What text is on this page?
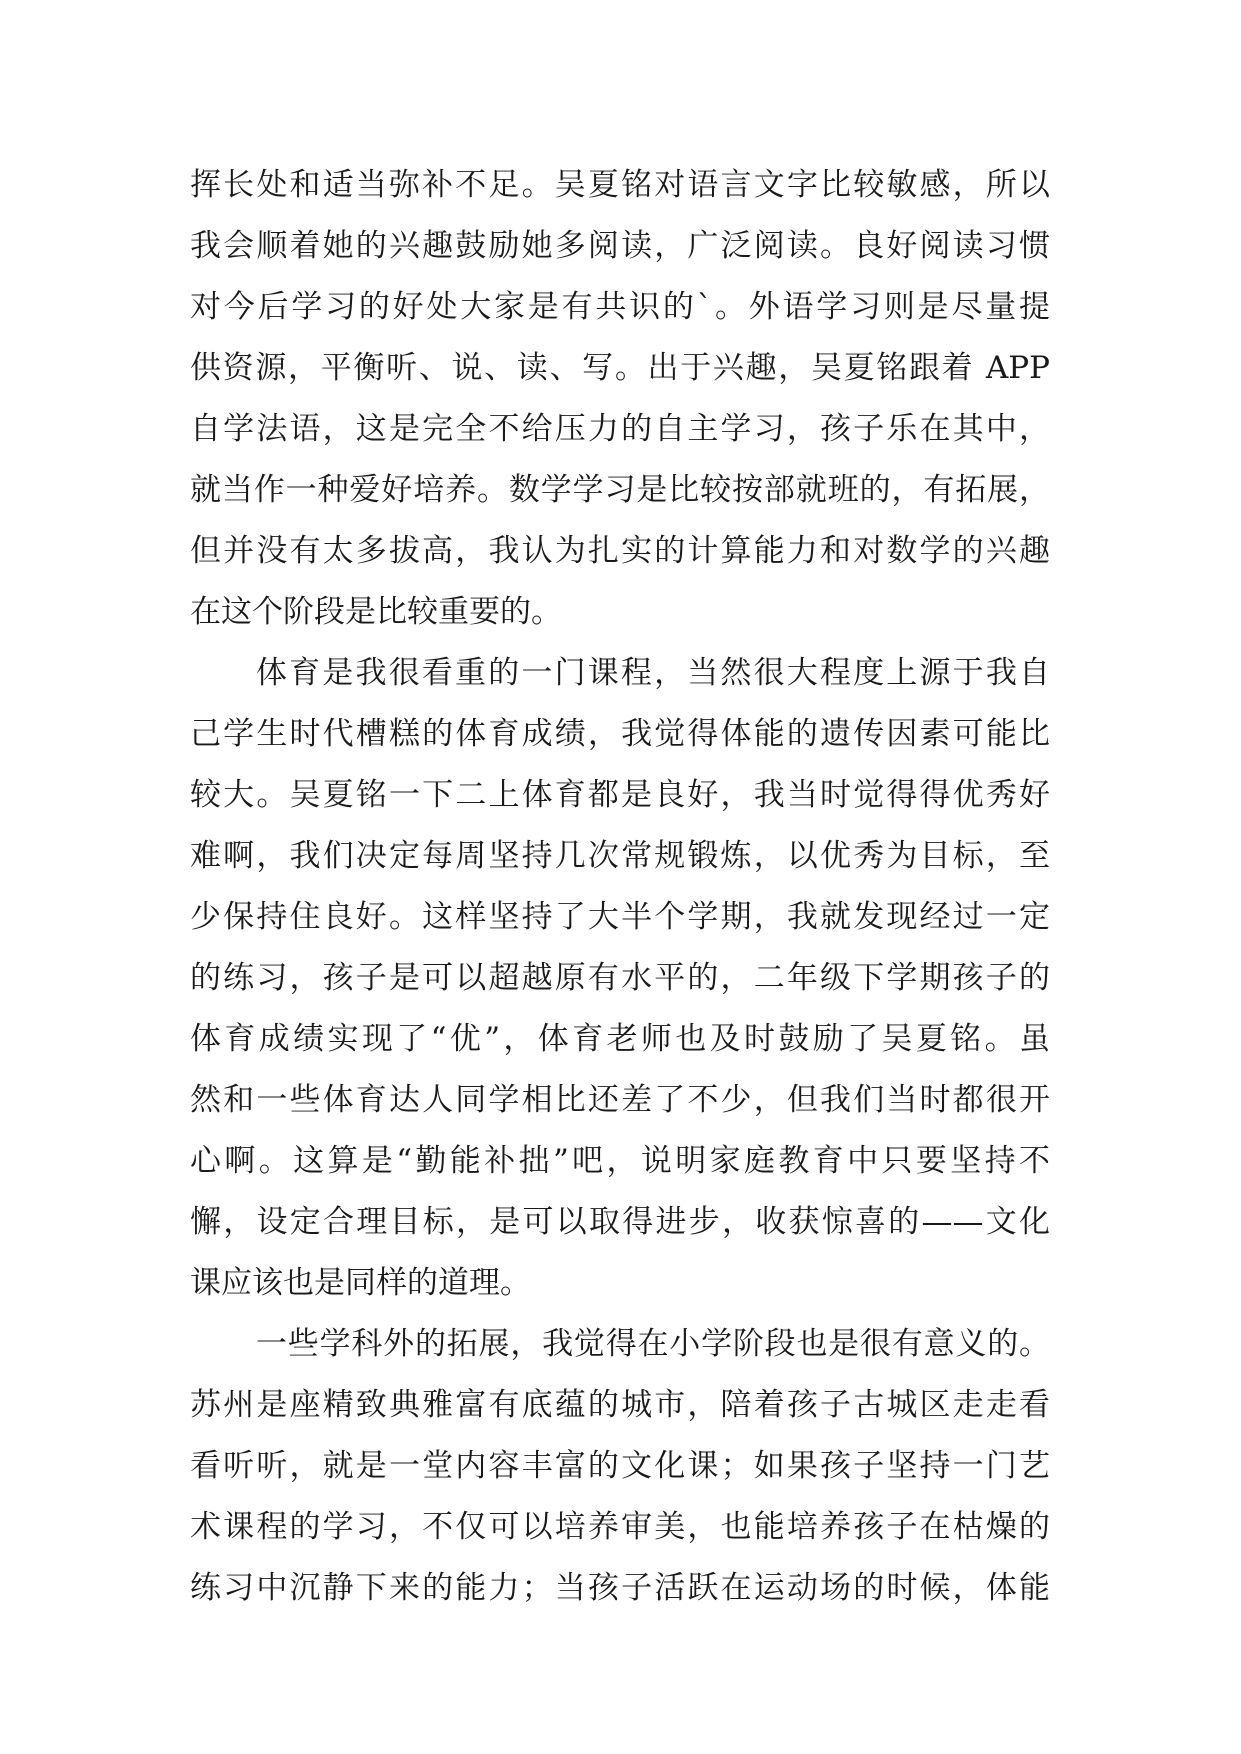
挥长处和适当弥补不足。吴夏铭对语言文字比较敏感，所以
我会顺着她的兴趣鼓励她多阅读，广泛阅读。良好阅读习惯
对今后学习的好处大家是有共识的`。外语学习则是尽量提
供资源，平衡听、说、读、写。出于兴趣，吴夏铭跟着 APP
自学法语，这是完全不给压力的自主学习，孩子乐在其中，
就当作一种爱好培养。数学学习是比较按部就班的，有拓展，
但并没有太多拔高，我认为扎实的计算能力和对数学的兴趣
在这个阶段是比较重要的。
体育是我很看重的一门课程，当然很大程度上源于我自
己学生时代槽糕的体育成绩，我觉得体能的遗传因素可能比
较大。吴夏铭一下二上体育都是良好，我当时觉得得优秀好
难啊，我们决定每周坚持几次常规锻炼，以优秀为目标，至
少保持住良好。这样坚持了大半个学期，我就发现经过一定
的练习，孩子是可以超越原有水平的，二年级下学期孩子的
体育成绩实现了“优”，体育老师也及时鼓励了吴夏铭。虽
然和一些体育达人同学相比还差了不少，但我们当时都很开
心啊。这算是“勤能补拙”吧，说明家庭教育中只要坚持不
懈，设定合理目标，是可以取得进步，收获惊喜的——文化
课应该也是同样的道理。
一些学科外的拓展，我觉得在小学阶段也是很有意义的。
苏州是座精致典雅富有底蕴的城市，陪着孩子古城区走走看
看听听，就是一堂内容丰富的文化课；如果孩子坚持一门艺
术课程的学习，不仅可以培养审美，也能培养孩子在枯燥的
练习中沉静下来的能力；当孩子活跃在运动场的时候，体能
